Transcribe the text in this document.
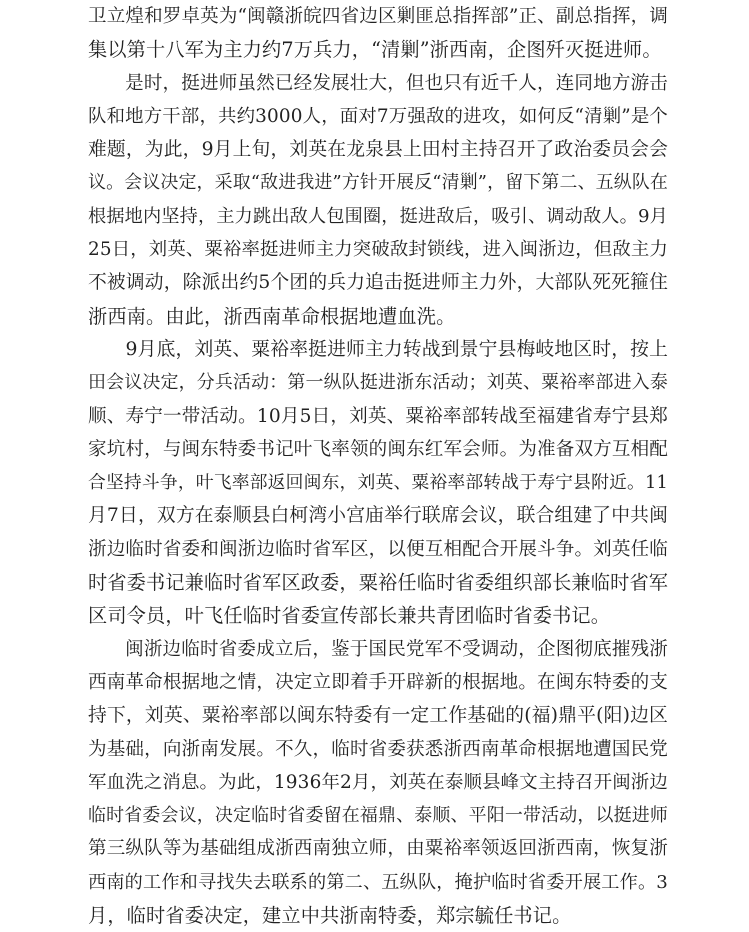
卫立煌和罗卓英为“闽赣浙皖四省边区剿匪总指挥部”正、副总指挥，调
集以第十八军为主力约7万兵力，“清剿”浙西南，企图歼灭挺进师。

是时，挺进师虽然已经发展壮大，但也只有近千人，连同地方游击
队和地方干部，共约3000人，面对7万强敌的进攻，如何反“清剿”是个
难题，为此，9月上旬，刘英在龙泉县上田村主持召开了政治委员会会
议。会议决定，采取“敌进我进”方针开展反“清剿”，留下第二、五纵队在
根据地内坚持，主力跳出敌人包围圈，挺进敌后，吸引、调动敌人。9月
25日，刘英、粟裕率挺进师主力突破敌封锁线，进入闽浙边，但敌主力
不被调动，除派出约5个团的兵力追击挺进师主力外，大部队死死箍住
浙西南。由此，浙西南革命根据地遭血洗。

9月底，刘英、粟裕率挺进师主力转战到景宁县梅岐地区时，按上
田会议决定，分兵活动：第一纵队挺进浙东活动；刘英、粟裕率部进入泰
顺、寿宁一带活动。10月5日，刘英、粟裕率部转战至福建省寿宁县郑
家坑村，与闽东特委书记叶飞率领的闽东红军会师。为准备双方互相配
合坚持斗争，叶飞率部返回闽东，刘英、粟裕率部转战于寿宁县附近。11
月7日，双方在泰顺县白柯湾小宫庙举行联席会议，联合组建了中共闽
浙边临时省委和闽浙边临时省军区，以便互相配合开展斗争。刘英任临
时省委书记兼临时省军区政委，粟裕任临时省委组织部长兼临时省军
区司令员，叶飞任临时省委宣传部长兼共青团临时省委书记。

闽浙边临时省委成立后，鉴于国民党军不受调动，企图彻底摧残浙
西南革命根据地之情，决定立即着手开辟新的根据地。在闽东特委的支
持下，刘英、粟裕率部以闽东特委有一定工作基础的(福)鼎平(阳)边区
为基础，向浙南发展。不久，临时省委获悉浙西南革命根据地遭国民党
军血洗之消息。为此，1936年2月，刘英在泰顺县峰文主持召开闽浙边
临时省委会议，决定临时省委留在福鼎、泰顺、平阳一带活动，以挺进师
第三纵队等为基础组成浙西南独立师，由粟裕率领返回浙西南，恢复浙
西南的工作和寻找失去联系的第二、五纵队，掩护临时省委开展工作。3
月，临时省委决定，建立中共浙南特委，郑宗毓任书记。
